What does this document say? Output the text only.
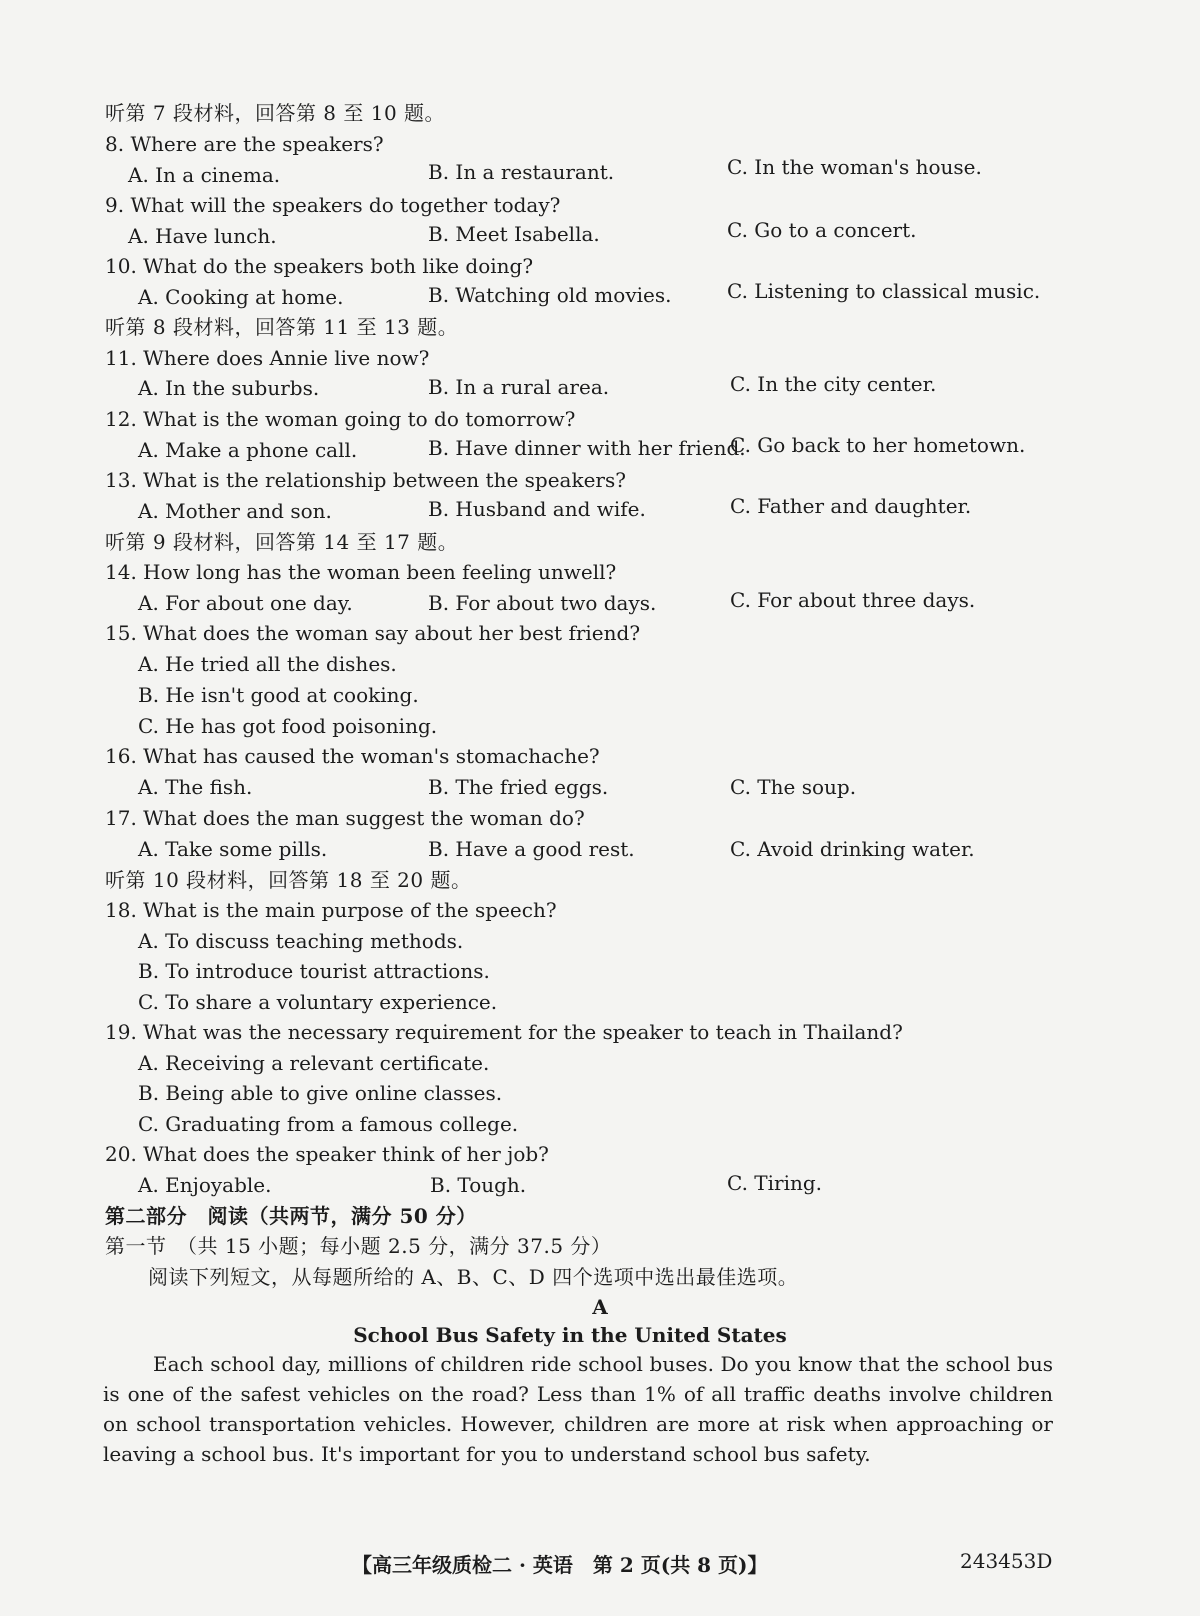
听第 7 段材料，回答第 8 至 10 题。
8. Where are the speakers?
A. In a cinema.	B. In a restaurant.	C. In the woman's house.
9. What will the speakers do together today?
A. Have lunch.	B. Meet Isabella.	C. Go to a concert.
10. What do the speakers both like doing?
A. Cooking at home.	B. Watching old movies.	C. Listening to classical music.
听第 8 段材料，回答第 11 至 13 题。
11. Where does Annie live now?
A. In the suburbs.	B. In a rural area.	C. In the city center.
12. What is the woman going to do tomorrow?
A. Make a phone call.	B. Have dinner with her friend.
C. Go back to her hometown.
13. What is the relationship between the speakers?
A. Mother and son.	B. Husband and wife.	C. Father and daughter.
听第 9 段材料，回答第 14 至 17 题。
14. How long has the woman been feeling unwell?
A. For about one day.	B. For about two days.	C. For about three days.
15. What does the woman say about her best friend?
A. He tried all the dishes.
B. He isn't good at cooking.
C. He has got food poisoning.
16. What has caused the woman's stomachache?
A. The fish.	B. The fried eggs.	C. The soup.
17. What does the man suggest the woman do?
A. Take some pills.	B. Have a good rest.	C. Avoid drinking water.
听第 10 段材料，回答第 18 至 20 题。
18. What is the main purpose of the speech?
A. To discuss teaching methods.
B. To introduce tourist attractions.
C. To share a voluntary experience.
19. What was the necessary requirement for the speaker to teach in Thailand?
A. Receiving a relevant certificate.
B. Being able to give online classes.
C. Graduating from a famous college.
20. What does the speaker think of her job?
A. Enjoyable.	B. Tough.	C. Tiring.
第二部分　阅读（共两节，满分 50 分）
第一节　（共 15 小题；每小题 2.5 分，满分 37.5 分）
阅读下列短文，从每题所给的 A、B、C、D 四个选项中选出最佳选项。
A
School Bus Safety in the United States
Each school day, millions of children ride school buses. Do you know that the school bus is one of the safest vehicles on the road? Less than 1% of all traffic deaths involve children on school transportation vehicles. However, children are more at risk when approaching or leaving a school bus. It's important for you to understand school bus safety.
【高三年级质检二 · 英语　第 2 页(共 8 页)】	243453D
